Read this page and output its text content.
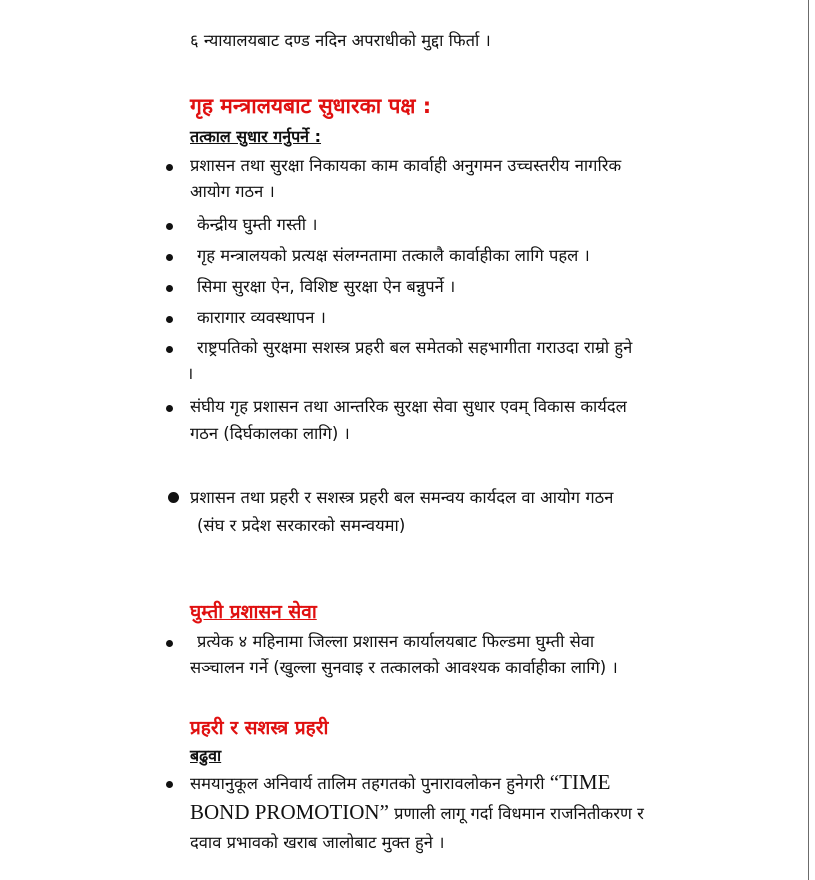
६ न्यायालयबाट दण्ड नदिन अपराधीको मुद्दा फिर्ता ।
गृह मन्त्रालयबाट सुधारका पक्ष :
तत्काल सुधार गर्नुपर्ने :
प्रशासन तथा सुरक्षा निकायका काम कार्वाही अनुगमन उच्चस्तरीय नागरिक
आयोग गठन ।
केन्द्रीय घुम्ती गस्ती ।
गृह मन्त्रालयको प्रत्यक्ष संलग्नतामा तत्कालै कार्वाहीका लागि पहल ।
सिमा सुरक्षा ऐन, विशिष्ट सुरक्षा ऐन बन्नुपर्ने ।
कारागार व्यवस्थापन ।
राष्ट्रपतिको सुरक्षमा सशस्त्र प्रहरी बल समेतको सहभागीता गराउदा राम्रो हुने
।
संघीय गृह प्रशासन तथा आन्तरिक सुरक्षा सेवा सुधार एवम् विकास कार्यदल
गठन (दिर्घकालका लागि) ।
प्रशासन तथा प्रहरी र सशस्त्र प्रहरी बल समन्वय कार्यदल वा आयोग गठन
(संघ र प्रदेश सरकारको समन्वयमा)
घुम्ती प्रशासन सेवा
प्रत्येक ४ महिनामा जिल्ला प्रशासन कार्यालयबाट फिल्डमा घुम्ती सेवा
सञ्चालन गर्ने (खुल्ला सुनवाइ र तत्कालको आवश्यक कार्वाहीका लागि) ।
प्रहरी र सशस्त्र प्रहरी
बढुवा
समयानुकूल अनिवार्य तालिम तहगतको पुनारावलोकन हुनेगरी “TIME
BOND PROMOTION” प्रणाली लागू गर्दा विधमान राजनितीकरण र
दवाव प्रभावको खराब जालोबाट मुक्त हुने ।
